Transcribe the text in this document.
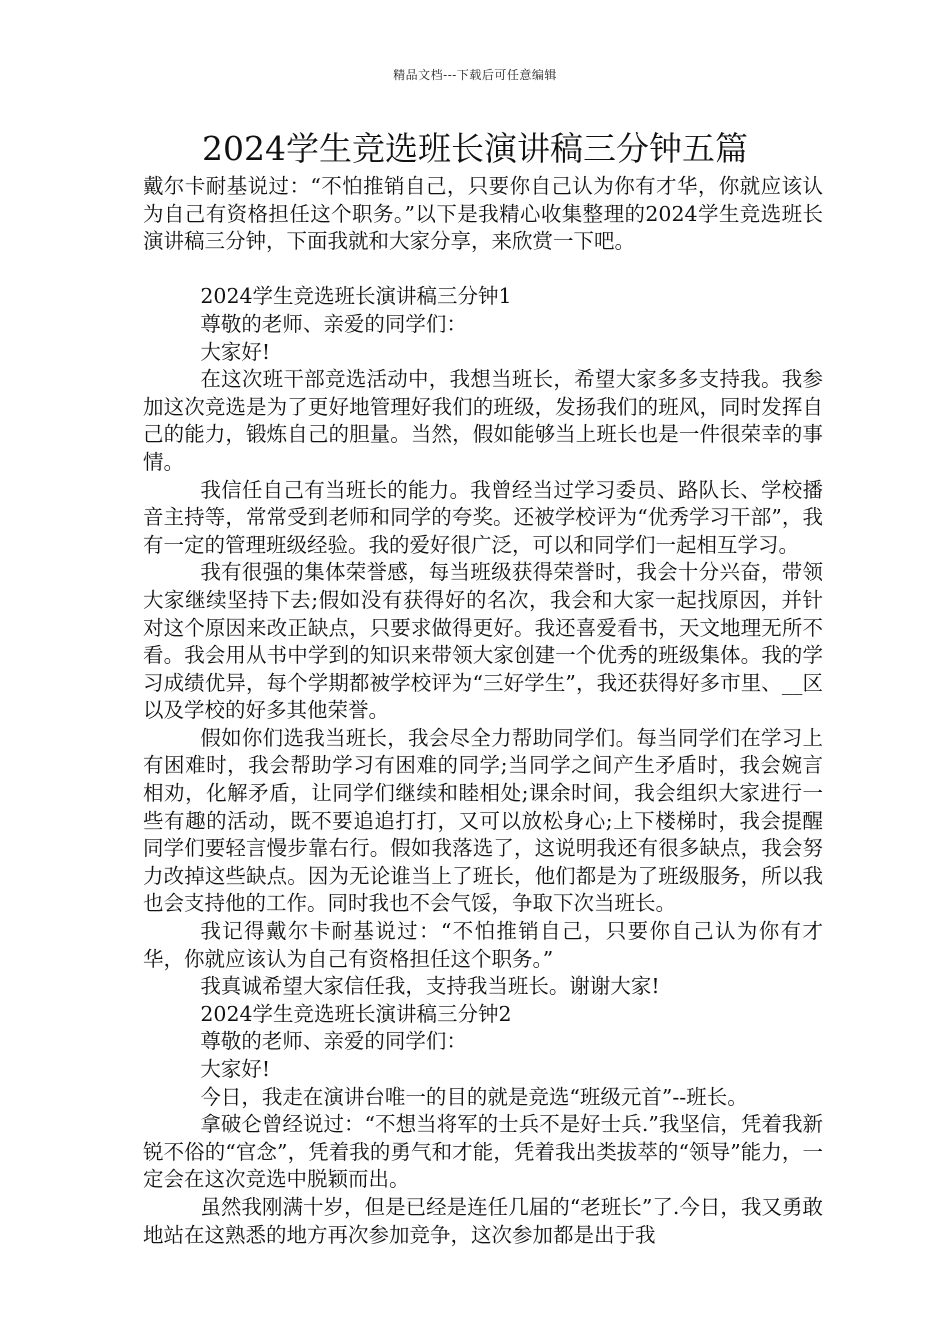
精品文档---下载后可任意编辑
2024学生竞选班长演讲稿三分钟五篇

戴尔卡耐基说过：“不怕推销自己，只要你自己认为你有才华，你就应该认为自己有资格担任这个职务。”以下是我精心收集整理的2024学生竞选班长演讲稿三分钟，下面我就和大家分享，来欣赏一下吧。

2024学生竞选班长演讲稿三分钟1

尊敬的老师、亲爱的同学们：

大家好!

在这次班干部竞选活动中，我想当班长，希望大家多多支持我。我参加这次竞选是为了更好地管理好我们的班级，发扬我们的班风，同时发挥自己的能力，锻炼自己的胆量。当然，假如能够当上班长也是一件很荣幸的事情。

我信任自己有当班长的能力。我曾经当过学习委员、路队长、学校播音主持等，常常受到老师和同学的夸奖。还被学校评为“优秀学习干部”，我有一定的管理班级经验。我的爱好很广泛，可以和同学们一起相互学习。

我有很强的集体荣誉感，每当班级获得荣誉时，我会十分兴奋，带领大家继续坚持下去;假如没有获得好的名次，我会和大家一起找原因，并针对这个原因来改正缺点，只要求做得更好。我还喜爱看书，天文地理无所不看。我会用从书中学到的知识来带领大家创建一个优秀的班级集体。我的学习成绩优异，每个学期都被学校评为“三好学生”，我还获得好多市里、__区以及学校的好多其他荣誉。

假如你们选我当班长，我会尽全力帮助同学们。每当同学们在学习上有困难时，我会帮助学习有困难的同学;当同学之间产生矛盾时，我会婉言相劝，化解矛盾，让同学们继续和睦相处;课余时间，我会组织大家进行一些有趣的活动，既不要追追打打，又可以放松身心;上下楼梯时，我会提醒同学们要轻言慢步靠右行。假如我落选了，这说明我还有很多缺点，我会努力改掉这些缺点。因为无论谁当上了班长，他们都是为了班级服务，所以我也会支持他的工作。同时我也不会气馁，争取下次当班长。

我记得戴尔卡耐基说过：“不怕推销自己，只要你自己认为你有才华，你就应该认为自己有资格担任这个职务。”

我真诚希望大家信任我，支持我当班长。谢谢大家!

2024学生竞选班长演讲稿三分钟2

尊敬的老师、亲爱的同学们：

大家好!

今日，我走在演讲台唯一的目的就是竞选“班级元首”--班长。

拿破仑曾经说过：“不想当将军的士兵不是好士兵.”我坚信，凭着我新锐不俗的“官念”，凭着我的勇气和才能，凭着我出类拔萃的“领导”能力，一定会在这次竞选中脱颖而出。

虽然我刚满十岁，但是已经是连任几届的“老班长”了.今日，我又勇敢地站在这熟悉的地方再次参加竞争，这次参加都是出于我
